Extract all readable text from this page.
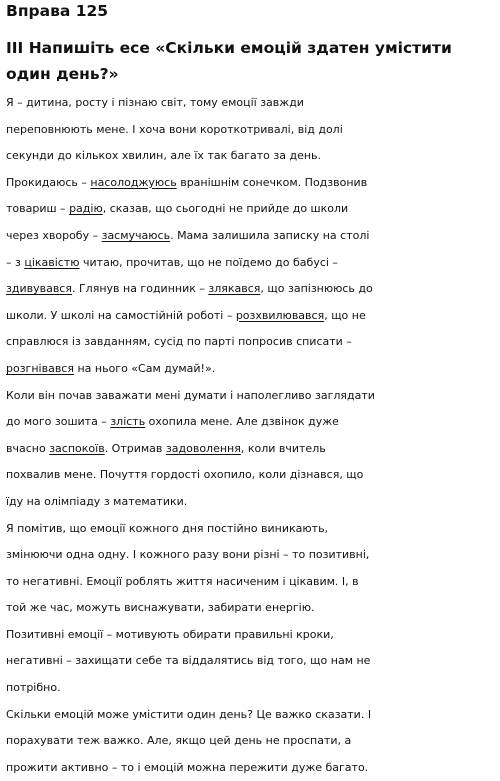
Вправа 125
III Напишіть есе «Скільки емоцій здатен умістити один день?»
Я – дитина, росту і пізнаю світ, тому емоції завжди
переповнюють мене. І хоча вони короткотривалі, від долі
секунди до кількох хвилин, але їх так багато за день.
Прокидаюсь – насолоджуюсь вранішнім сонечком. Подзвонив
товариш – радію, сказав, що сьогодні не прийде до школи
через хворобу – засмучаюсь. Мама залишила записку на столі
– з цікавістю читаю, прочитав, що не поїдемо до бабусі –
здивувався. Глянув на годинник – злякався, що запізнююсь до
школи. У школі на самостійній роботі – розхвилювався, що не
справлюся із завданням, сусід по парті попросив списати –
розгнівався на нього «Сам думай!».
Коли він почав заважати мені думати і наполегливо заглядати
до мого зошита – злість охопила мене. Але дзвінок дуже
вчасно заспокоїв. Отримав задоволення, коли вчитель
похвалив мене. Почуття гордості охопило, коли дізнався, що
їду на олімпіаду з математики.
Я помітив, що емоції кожного дня постійно виникають,
змінюючи одна одну. І кожного разу вони різні – то позитивні,
то негативні. Емоції роблять життя насиченим і цікавим. І, в
той же час, можуть виснажувати, забирати енергію.
Позитивні емоції – мотивують обирати правильні кроки,
негативні – захищати себе та віддалятись від того, що нам не
потрібно.
Скільки емоцій може умістити один день? Це важко сказати. І
порахувати теж важко. Але, якщо цей день не проспати, а
прожити активно – то і емоцій можна пережити дуже багато.
